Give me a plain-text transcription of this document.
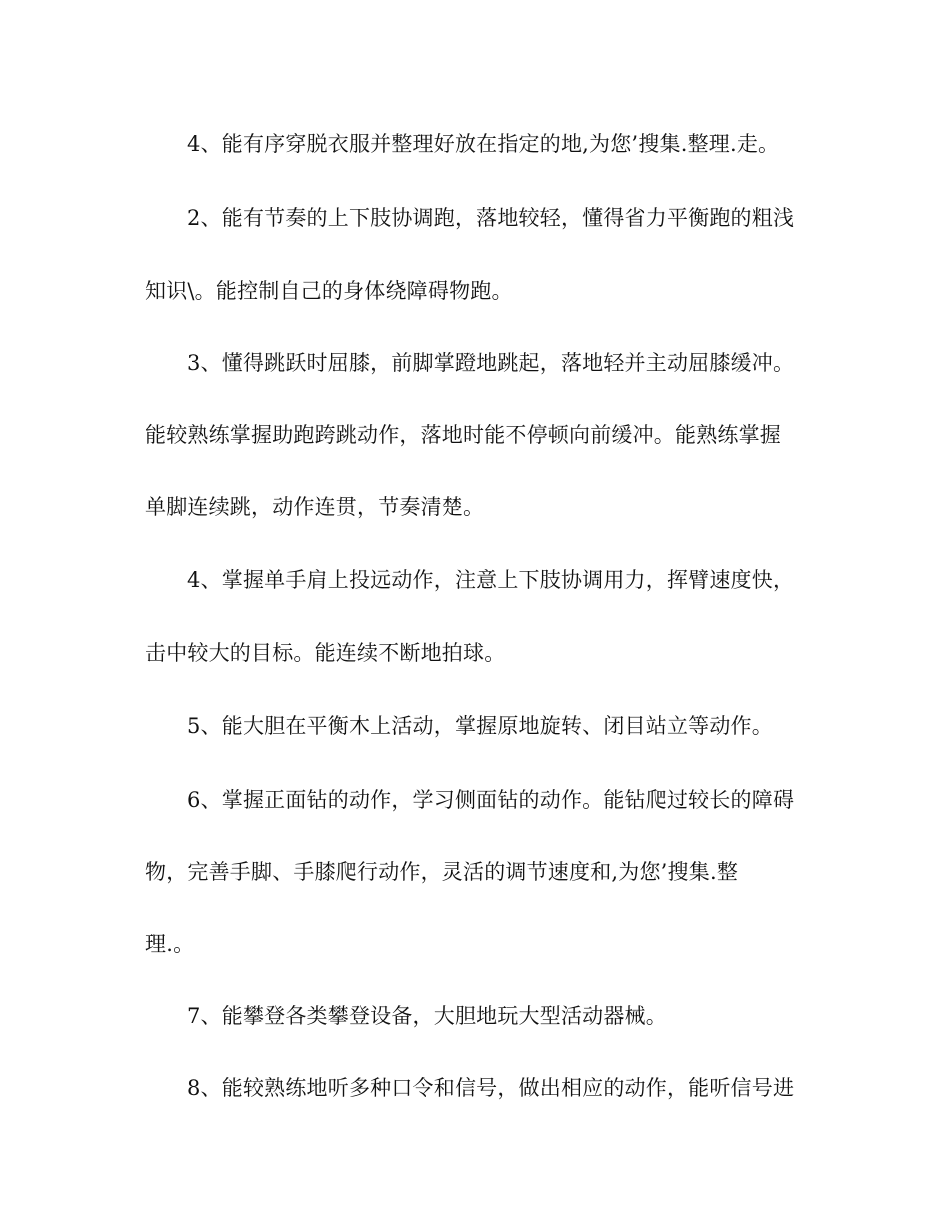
4、能有序穿脱衣服并整理好放在指定的地,为您’搜集.整理.走。
2、能有节奏的上下肢协调跑，落地较轻，懂得省力平衡跑的粗浅
知识\。能控制自己的身体绕障碍物跑。
3、懂得跳跃时屈膝，前脚掌蹬地跳起，落地轻并主动屈膝缓冲。
能较熟练掌握助跑跨跳动作，落地时能不停顿向前缓冲。能熟练掌握
单脚连续跳，动作连贯，节奏清楚。
4、掌握单手肩上投远动作，注意上下肢协调用力，挥臂速度快，
击中较大的目标。能连续不断地拍球。
5、能大胆在平衡木上活动，掌握原地旋转、闭目站立等动作。
6、掌握正面钻的动作，学习侧面钻的动作。能钻爬过较长的障碍
物，完善手脚、手膝爬行动作，灵活的调节速度和,为您’搜集.整
理.。
7、能攀登各类攀登设备，大胆地玩大型活动器械。
8、能较熟练地听多种口令和信号，做出相应的动作，能听信号进
